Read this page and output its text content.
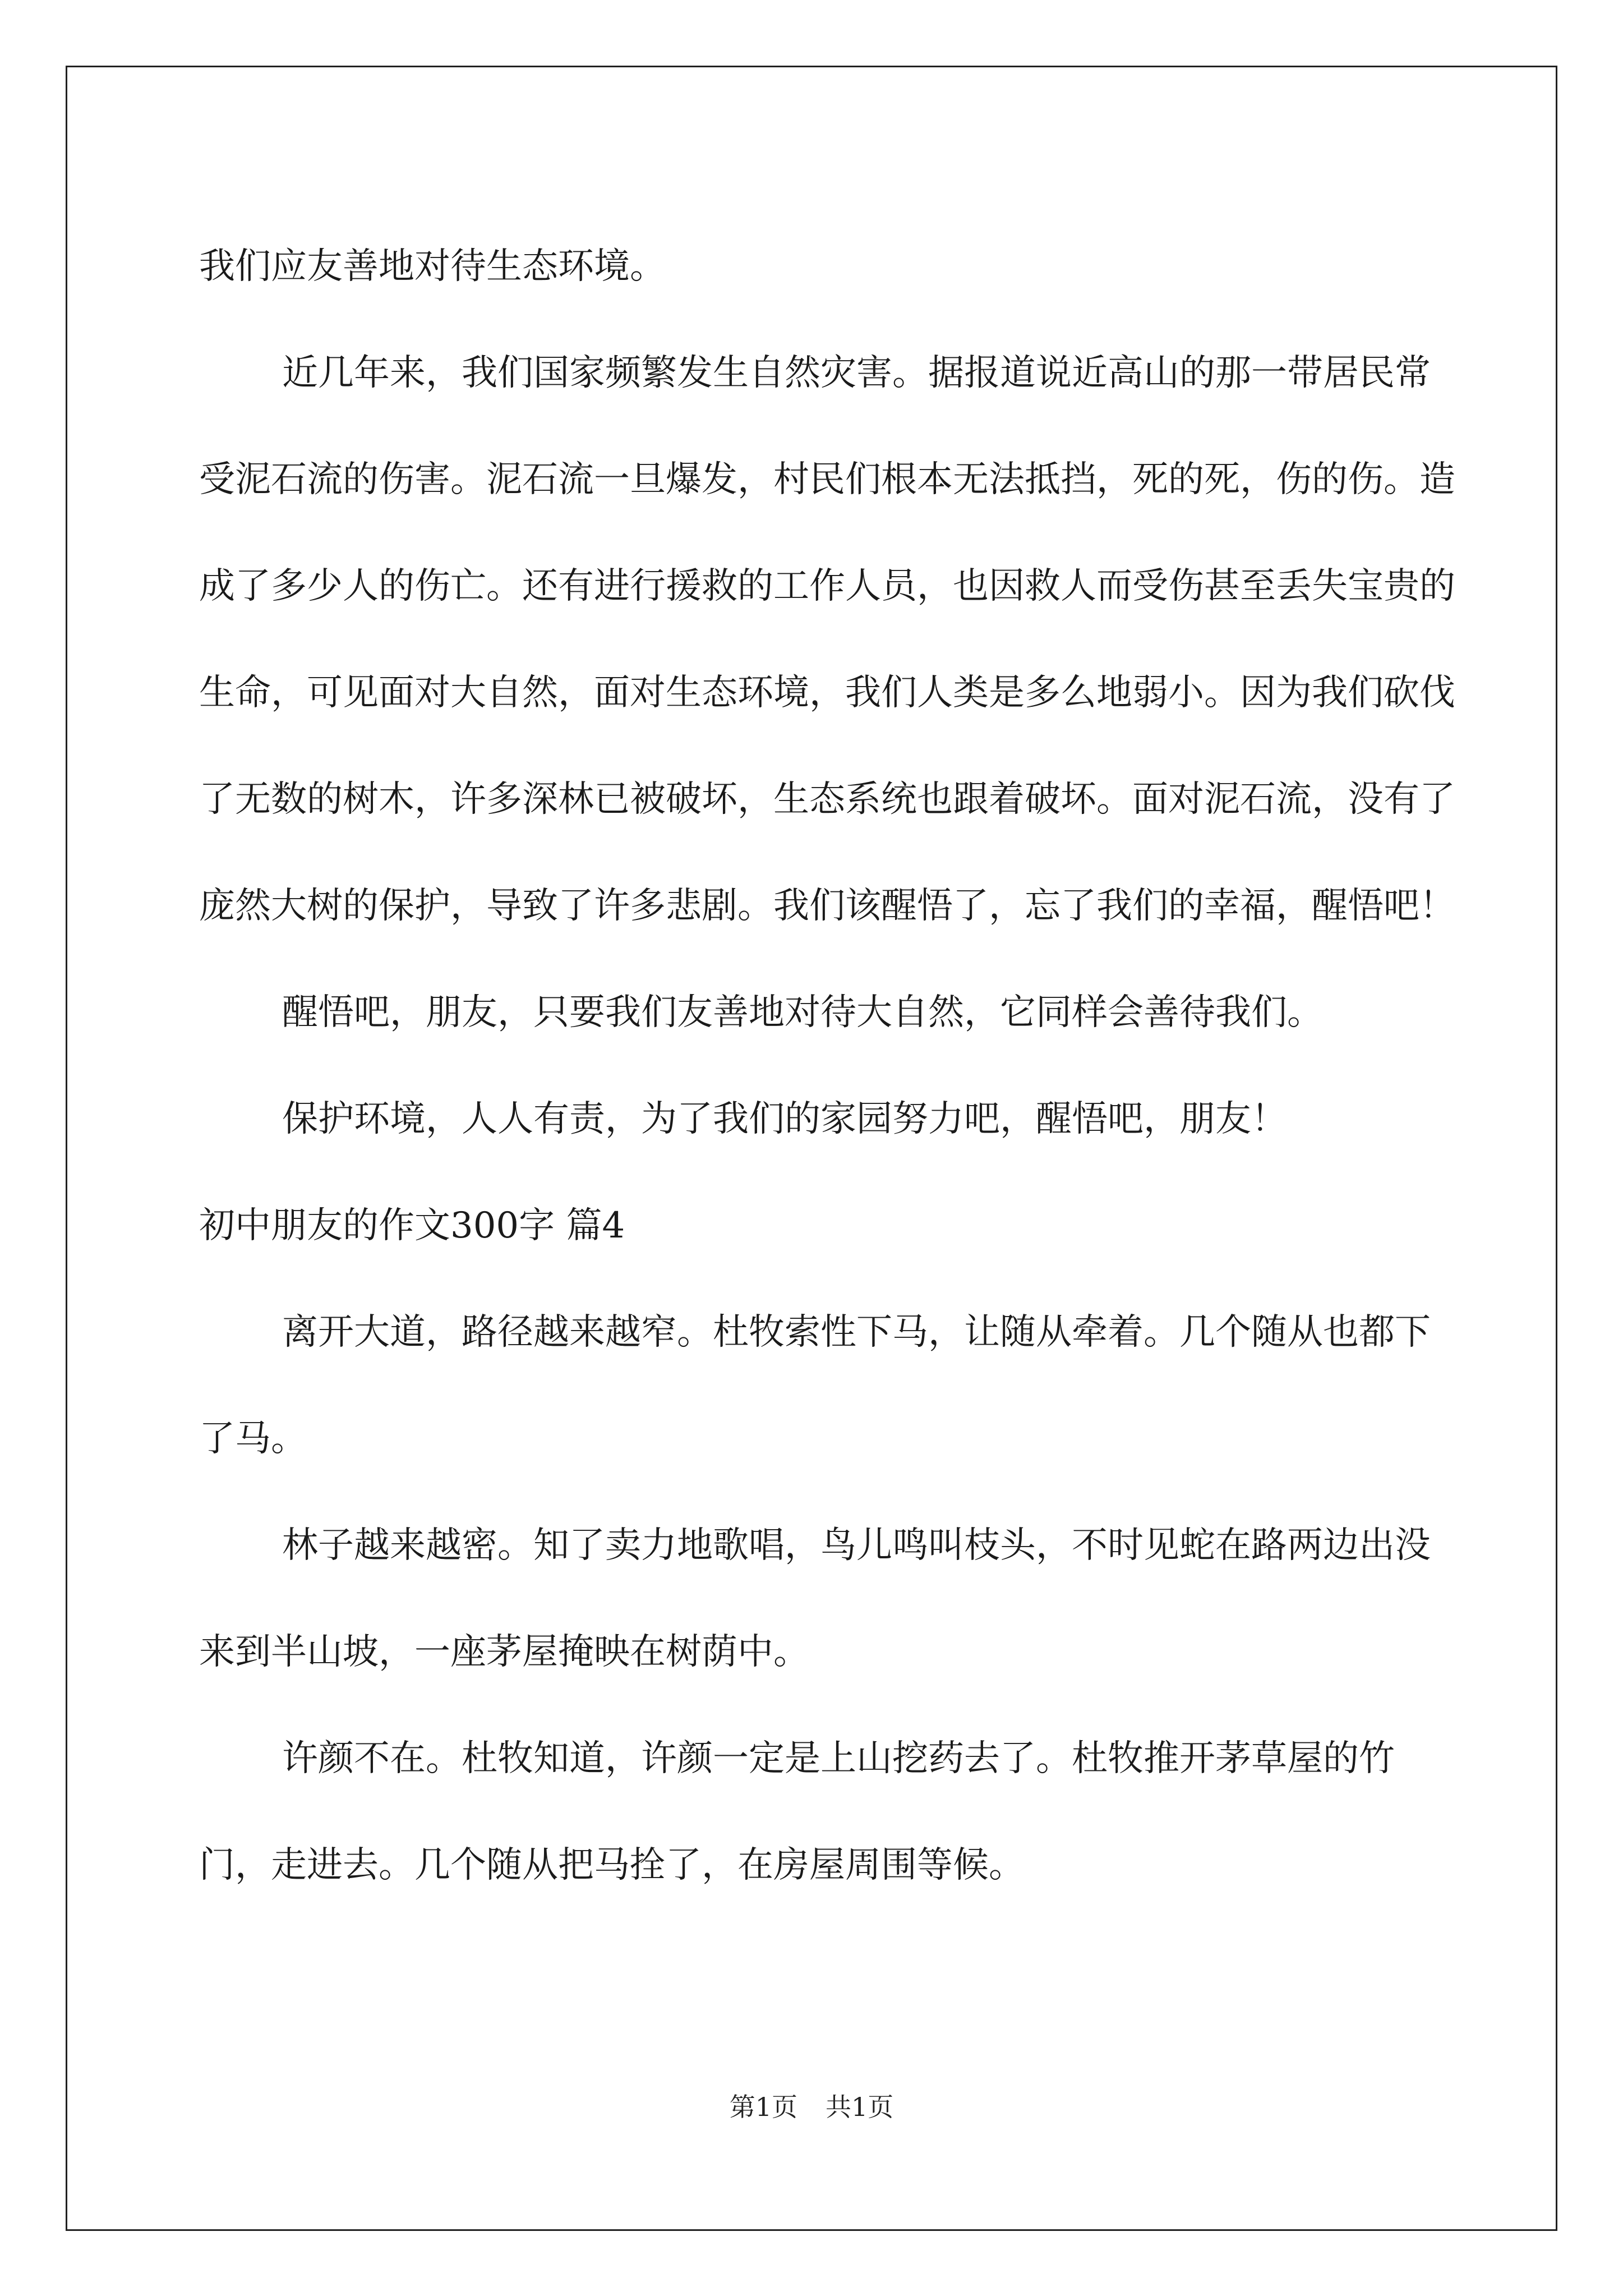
我们应友善地对待生态环境。

近几年来，我们国家频繁发生自然灾害。据报道说近高山的那一带居民常受泥石流的伤害。泥石流一旦爆发，村民们根本无法抵挡，死的死，伤的伤。造成了多少人的伤亡。还有进行援救的工作人员，也因救人而受伤甚至丢失宝贵的生命，可见面对大自然，面对生态环境，我们人类是多么地弱小。因为我们砍伐了无数的树木，许多深林已被破坏，生态系统也跟着破坏。面对泥石流，没有了庞然大树的保护，导致了许多悲剧。我们该醒悟了，忘了我们的幸福，醒悟吧！

醒悟吧，朋友，只要我们友善地对待大自然，它同样会善待我们。

保护环境，人人有责，为了我们的家园努力吧，醒悟吧，朋友！

初中朋友的作文300字 篇4

离开大道，路径越来越窄。杜牧索性下马，让随从牵着。几个随从也都下了马。

林子越来越密。知了卖力地歌唱，鸟儿鸣叫枝头，不时见蛇在路两边出没来到半山坡，一座茅屋掩映在树荫中。

许颜不在。杜牧知道，许颜一定是上山挖药去了。杜牧推开茅草屋的竹门，走进去。几个随从把马拴了，在房屋周围等候。

第1页 共1页
